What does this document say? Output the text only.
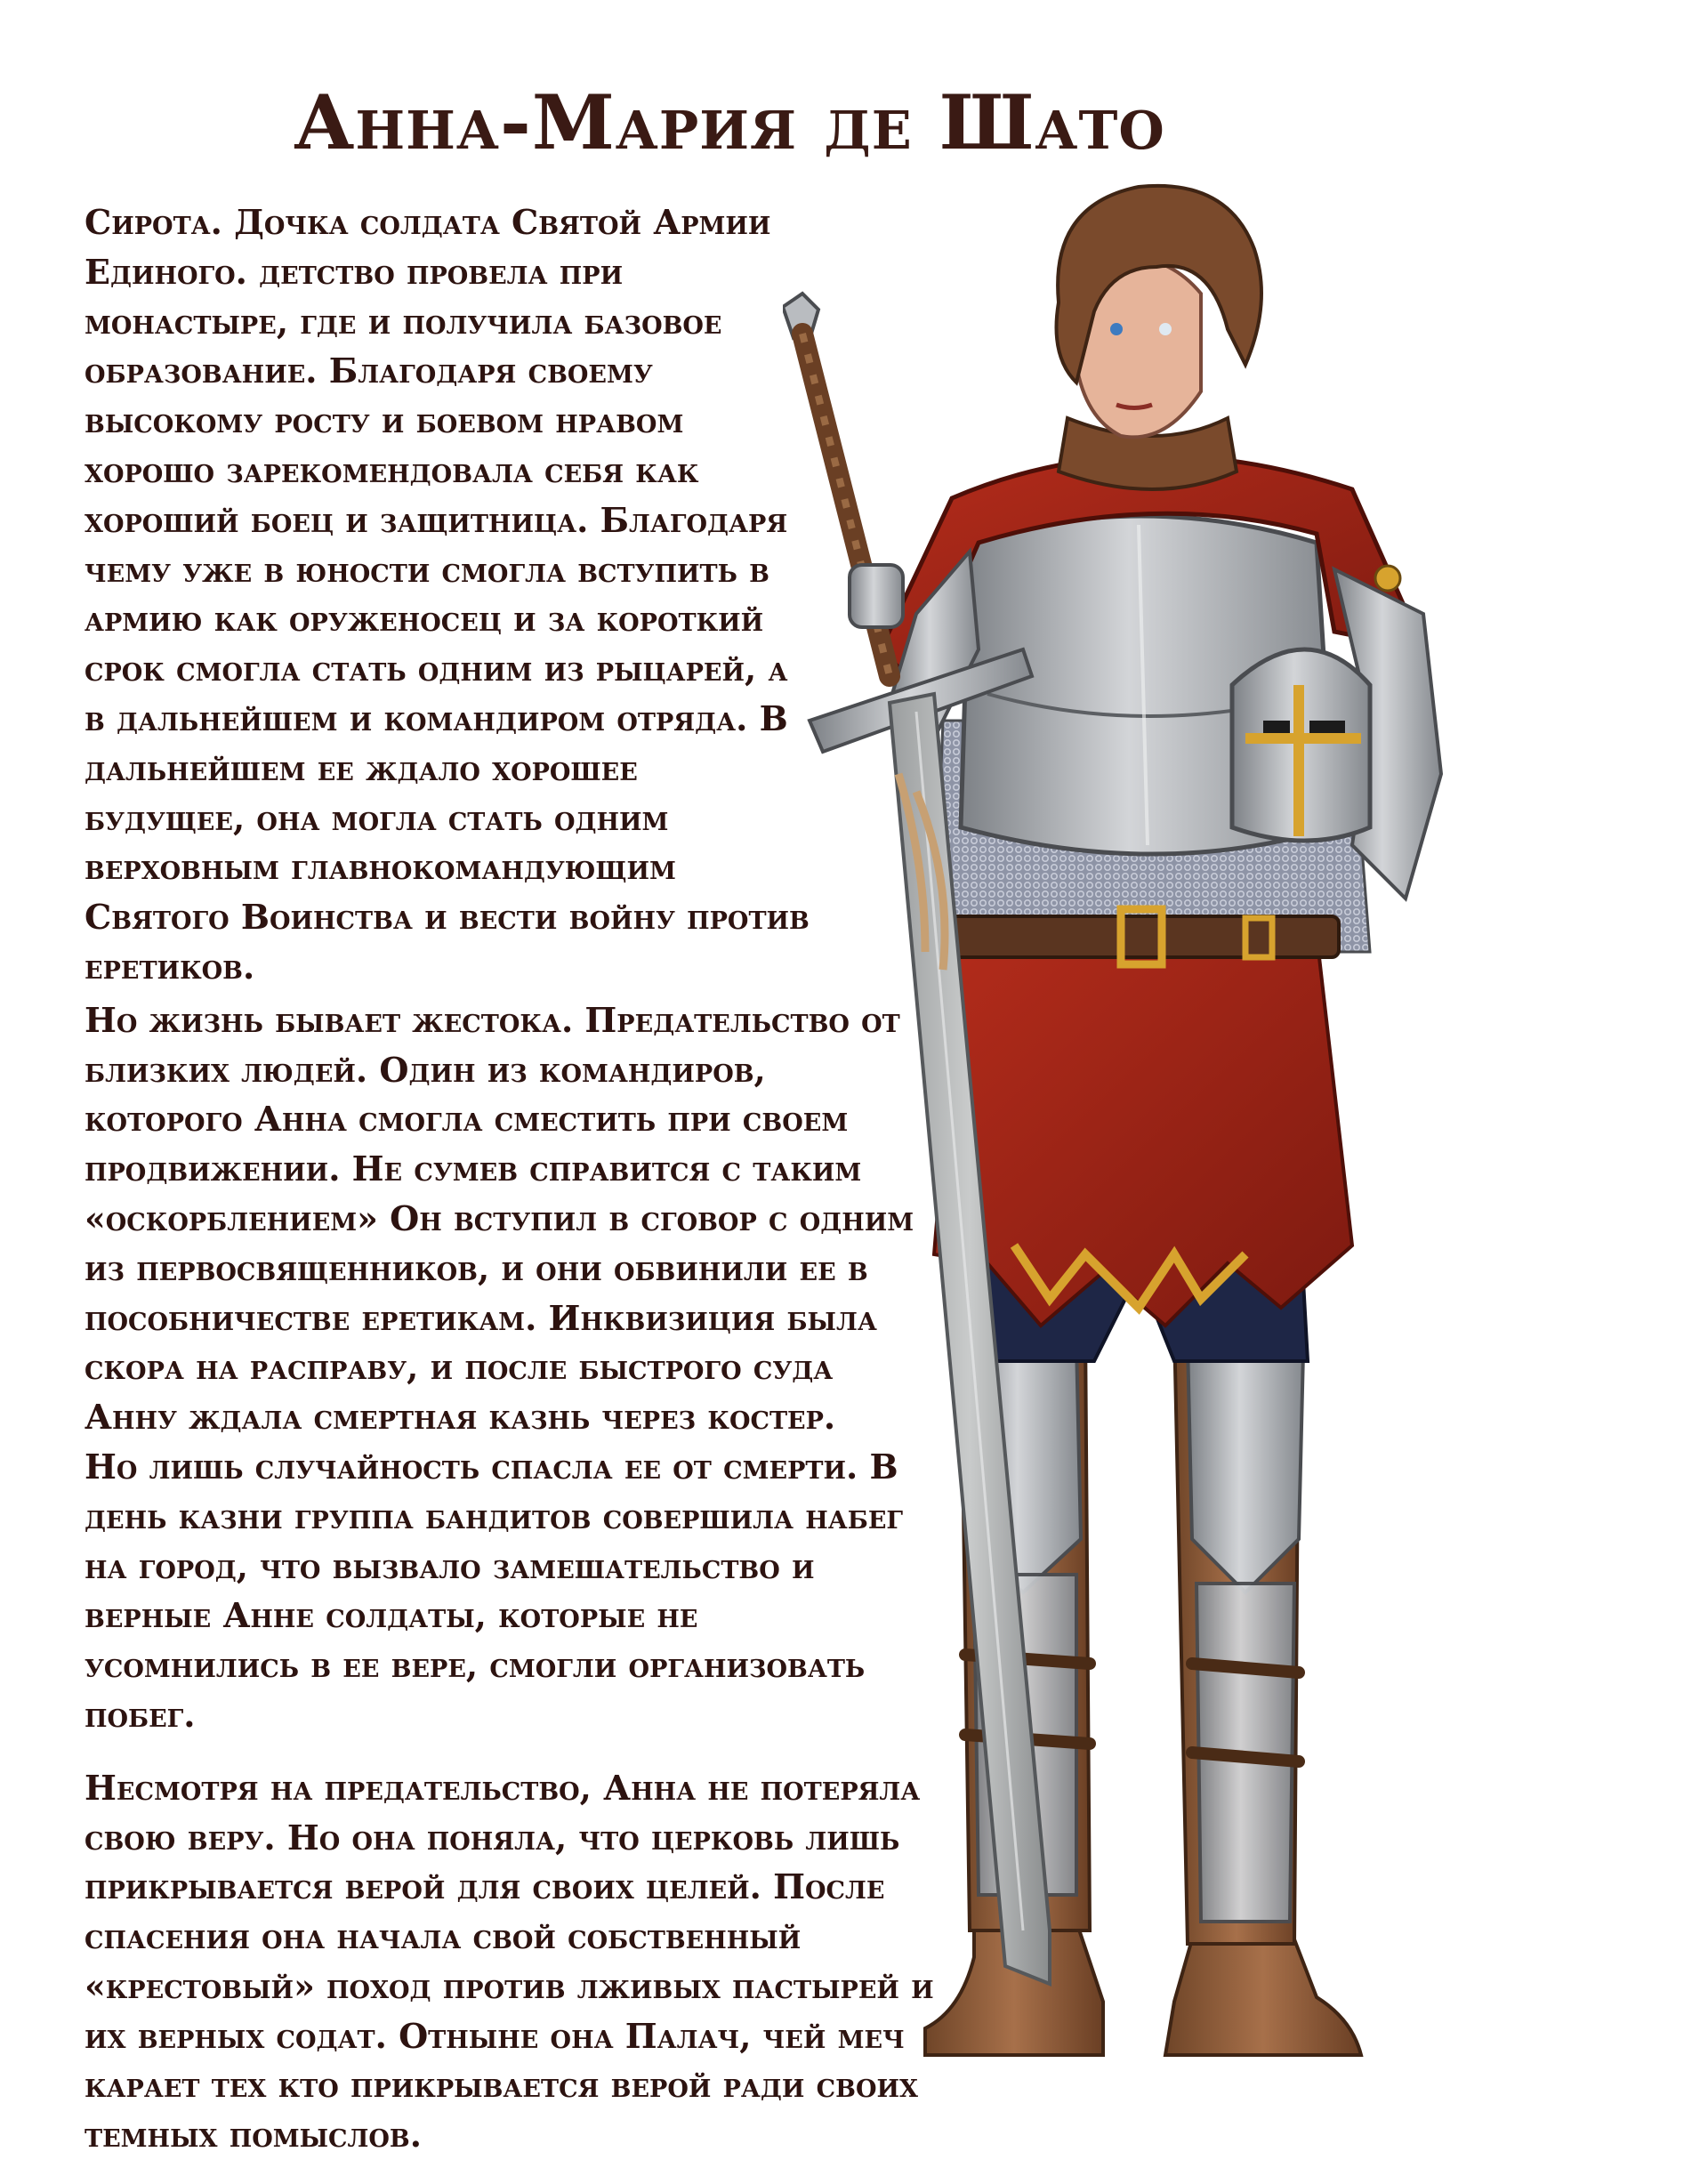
Анна-Мария де Шато
Сирота. Дочка солдата Святой Армии
Единого. детство провела при
монастыре, где и получила базовое
образование. Благодаря своему
высокому росту и боевом нравом
хорошо зарекомендовала себя как
хороший боец и защитница. Благодаря
чему уже в юности смогла вступить в
армию как оруженосец и за короткий
срок смогла стать одним из рыцарей, а
в дальнейшем и командиром отряда. В
дальнейшем ее ждало хорошее
будущее, она могла стать одним
верховным главнокомандующим
Святого Воинства и вести войну против
еретиков.
Но жизнь бывает жестока. Предательство от
близких людей. Один из командиров,
которого Анна смогла сместить при своем
продвижении. Не сумев справится с таким
«оскорблением» Он вступил в сговор с одним
из первосвященников, и они обвинили ее в
пособничестве еретикам. Инквизиция была
скора на расправу, и после быстрого суда
Анну ждала смертная казнь через костер.
Но лишь случайность спасла ее от смерти. В
день казни группа бандитов совершила набег
на город, что вызвало замешательство и
верные Анне солдаты, которые не
усомнились в ее вере, смогли организовать
побег.
Несмотря на предательство, Анна не потеряла
свою веру. Но она поняла, что церковь лишь
прикрывается верой для своих целей. После
спасения она начала свой собственный
«крестовый» поход против лживых пастырей и
их верных содат. Отныне она Палач, чей меч
карает тех кто прикрывается верой ради своих
темных помыслов.
